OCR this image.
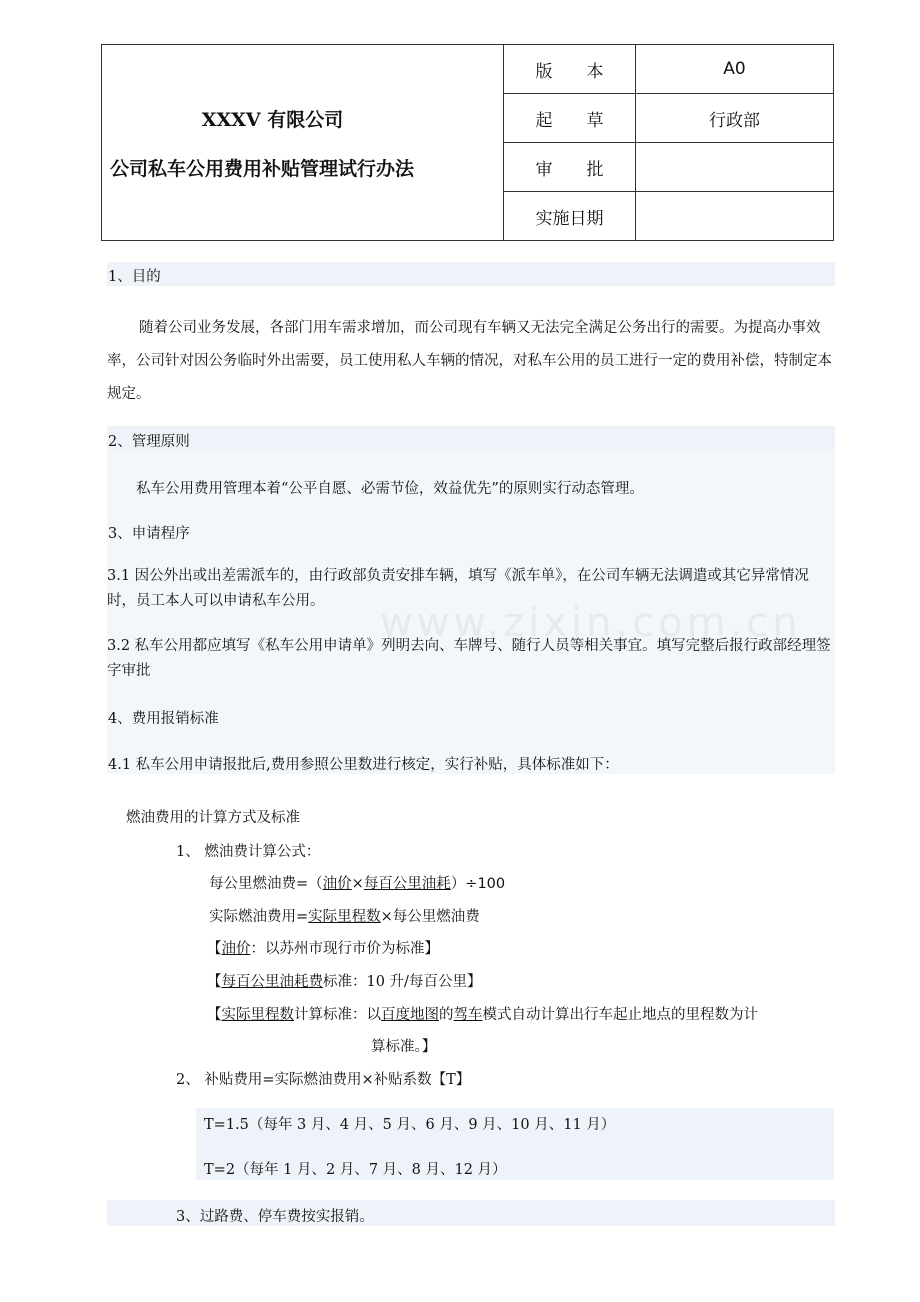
XXXV 有限公司
公司私车公用费用补贴管理试行办法	版　　本	A0
	起　　草	行政部
	审　　批	
	实施日期	
www.zixin.com.cn
1、目的
随着公司业务发展，各部门用车需求增加，而公司现有车辆又无法完全满足公务出行的需要。为提高办事效率，公司针对因公务临时外出需要，员工使用私人车辆的情况，对私车公用的员工进行一定的费用补偿，特制定本规定。
2、管理原则
私车公用费用管理本着“公平自愿、必需节俭，效益优先”的原则实行动态管理。
3、申请程序
3.1 因公外出或出差需派车的，由行政部负责安排车辆，填写《派车单》，在公司车辆无法调遣或其它异常情况时，员工本人可以申请私车公用。
3.2 私车公用都应填写《私车公用申请单》列明去向、车牌号、随行人员等相关事宜。填写完整后报行政部经理签字审批
4、费用报销标准
4.1 私车公用申请报批后,费用参照公里数进行核定，实行补贴，具体标准如下：
燃油费用的计算方式及标准
1、 燃油费计算公式：
每公里燃油费=（油价×每百公里油耗）÷100
实际燃油费用=实际里程数×每公里燃油费
【油价：以苏州市现行市价为标准】
【每百公里油耗费标准：10 升/每百公里】
【实际里程数计算标准：以百度地图的驾车模式自动计算出行车起止地点的里程数为计
算标准。】
2、 补贴费用=实际燃油费用×补贴系数【T】
T=1.5（每年 3 月、4 月、5 月、6 月、9 月、10 月、11 月）
T=2（每年 1 月、2 月、7 月、8 月、12 月）
3、过路费、停车费按实报销。
